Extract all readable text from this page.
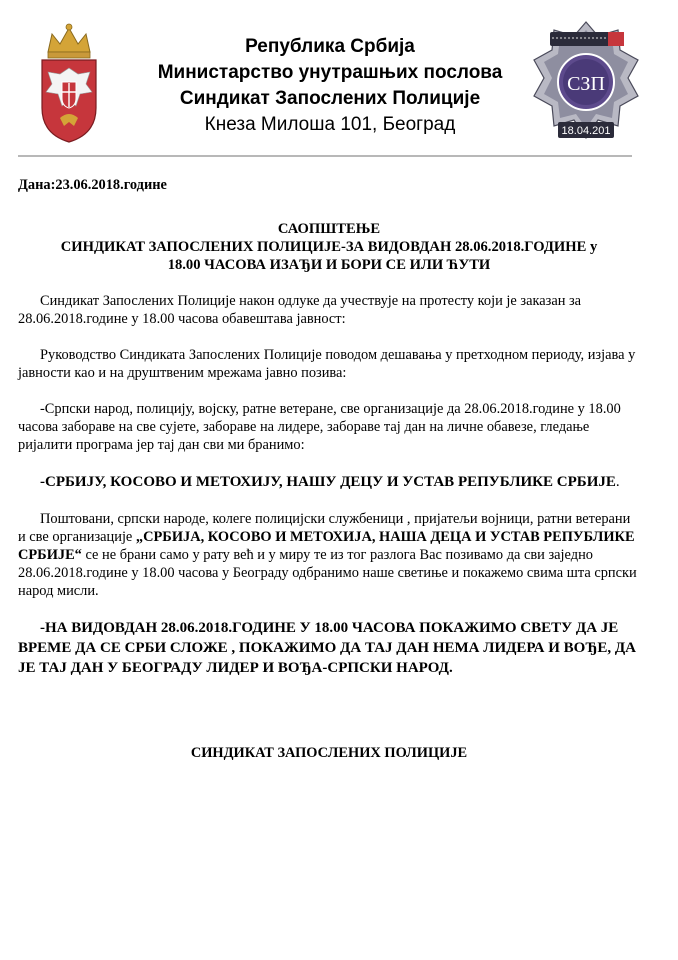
Република Србија
Министарство унутрашњих послова
Синдикат Запослених Полиције
Кнеза Милоша 101, Београд
СЗП
18.04.201

Дана:23.06.2018.године

САОПШТЕЊЕ
СИНДИКАТ ЗАПОСЛЕНИХ ПОЛИЦИЈЕ-ЗА ВИДОВДАН 28.06.2018.ГОДИНЕ у
18.00 ЧАСОВА ИЗАЂИ И БОРИ СЕ ИЛИ ЋУТИ

Синдикат Запослених Полиције након одлуке да учествује на протесту који је заказан за 28.06.2018.године у 18.00 часова обавештава јавност:

Руководство Синдиката Запослених Полиције поводом дешавања у претходном периоду, изјава у јавности као и на друштвеним мрежама јавно позива:

-Српски народ, полицију, војску, ратне ветеране, све организације да 28.06.2018.године у 18.00 часова забораве на све сујете, забораве на лидере, забораве тај дан на личне обавезе, гледање ријалити програма јер тај дан сви ми бранимо:

-СРБИЈУ, КОСОВО И МЕТОХИЈУ, НАШУ ДЕЦУ И УСТАВ РЕПУБЛИКЕ СРБИЈЕ.

Поштовани, српски народе, колеге полицијски службеници , пријатељи војници, ратни ветерани и све организације „СРБИЈА, КОСОВО И МЕТОХИЈА, НАША ДЕЦА И УСТАВ РЕПУБЛИКЕ СРБИЈЕ“ се не брани само у рату већ и у миру те из тог разлога Вас позивамо да сви заједно 28.06.2018.године у 18.00 часова у Београду одбранимо наше светиње и покажемо свима шта српски народ мисли.

-НА ВИДОВДАН 28.06.2018.ГОДИНЕ У 18.00 ЧАСОВА ПОКАЖИМО СВЕТУ ДА ЈЕ ВРЕМЕ ДА СЕ СРБИ СЛОЖЕ , ПОКАЖИМО ДА ТАЈ ДАН НЕМА ЛИДЕРА И ВОЂЕ, ДА ЈЕ ТАЈ ДАН У БЕОГРАДУ ЛИДЕР И ВОЂА-СРПСКИ НАРОД.

СИНДИКАТ ЗАПОСЛЕНИХ ПОЛИЦИЈЕ
